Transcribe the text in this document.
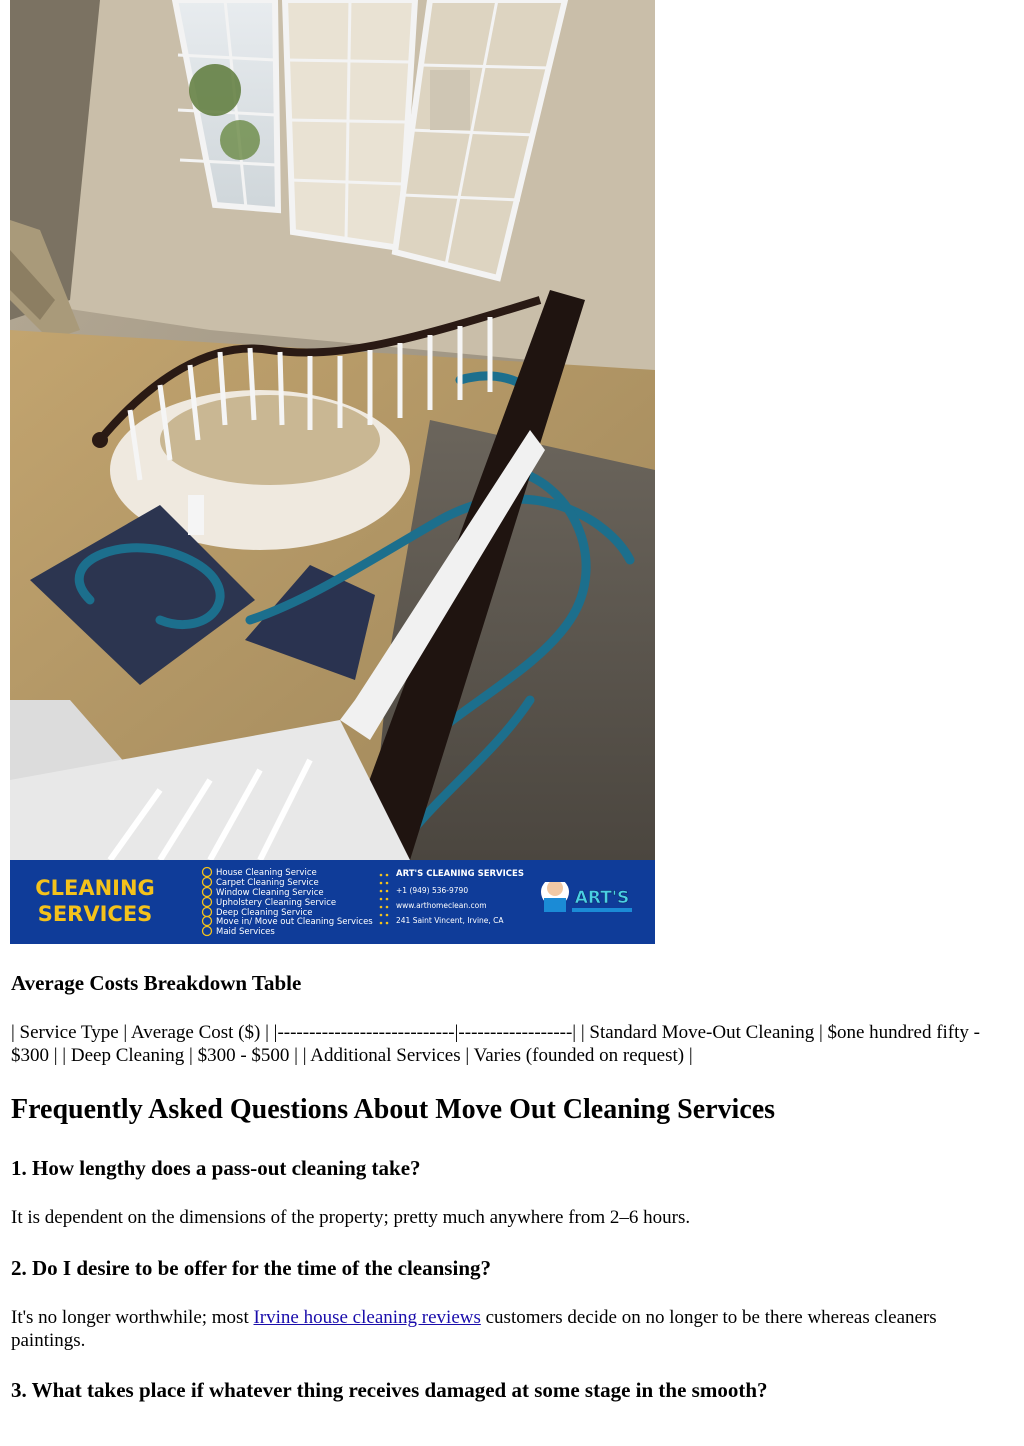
CLEANING
SERVICES
House Cleaning Service
Carpet Cleaning Service
Window Cleaning Service
Upholstery Cleaning Service
Deep Cleaning Service
Move in/ Move out Cleaning Services
Maid Services
ART'S CLEANING SERVICES
+1 (949) 536-9790
www.arthomeclean.com
241 Saint Vincent, Irvine, CA
ART'S
Average Costs Breakdown Table

| Service Type | Average Cost ($) | |----------------------------|------------------| | Standard Move-Out Cleaning | $one hundred fifty - $300 | | Deep Cleaning | $300 - $500 | | Additional Services | Varies (founded on request) |

Frequently Asked Questions About Move Out Cleaning Services
1. How lengthy does a pass-out cleaning take?

It is dependent on the dimensions of the property; pretty much anywhere from 2–6 hours.

2. Do I desire to be offer for the time of the cleansing?

It's no longer worthwhile; most Irvine house cleaning reviews customers decide on no longer to be there whereas cleaners paintings.

3. What takes place if whatever thing receives damaged at some stage in the smooth?
